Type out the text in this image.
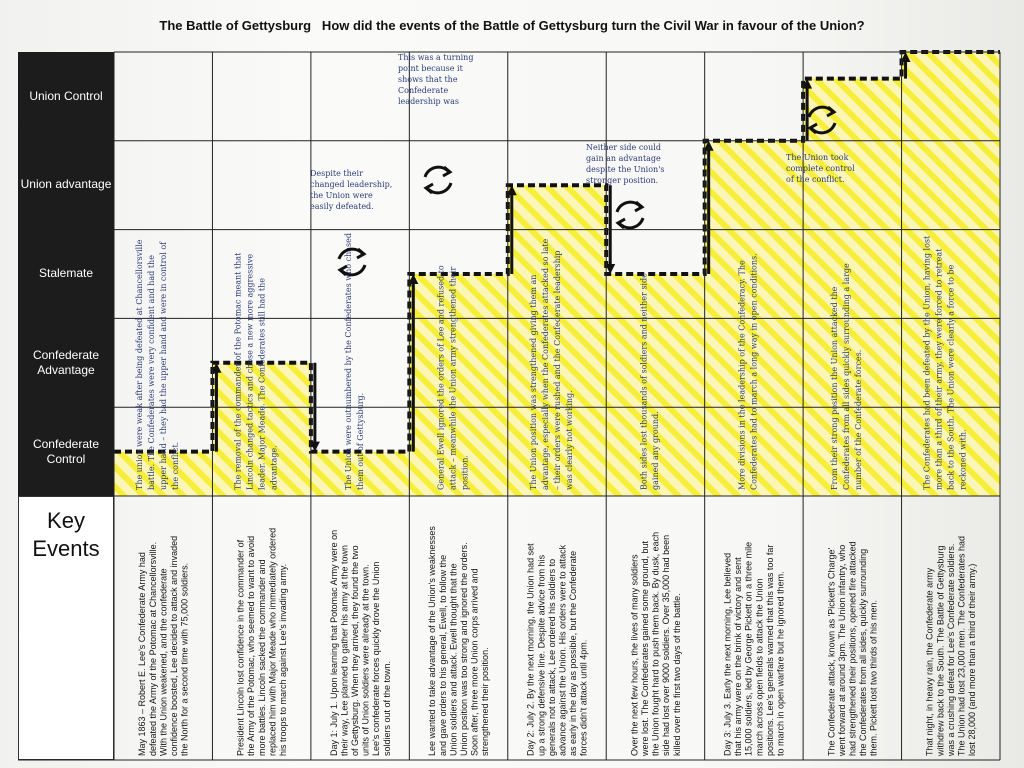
The Battle of Gettysburg   How did the events of the Battle of Gettysburg turn the Civil War in favour of the Union?
Union Control
Union advantage
Stalemate
Confederate Advantage
Confederate Control
Key Events
May 1863 – Robert E. Lee's Confederate Army had defeated the Army of the Potomac at Chancellorsville. With the Union weakened, and the confederate confidence boosted, Lee decided to attack and invaded the North for a second time with 75,000 soldiers.
The union were weak after being defeated at Chancellorsville battle. The Confederates were very confident and had the upper hand – they had the upper hand and were in control of the conflict.
President Lincoln lost confidence in the commander of the Army of the Potomac, who seemed to want to avoid more battles. Lincoln sacked the commander and replaced him with Major Meade who immediately ordered his troops to march against Lee's invading army.
The removal of the commander of the Potomac meant that Lincoln changed tactics and chose a new more aggressive leader. Major Meade. The Confederates still had the advantage.
Day 1: July 1. Upon learning that Potomac Army were on their way, Lee planned to gather his army at the town of Gettysburg. When they arrived, they found the two units of Union soldiers were already at the town. Lee's confederate forces quickly drove the Union soldiers out of the town.
The Union were outnumbered by the Confederates who chased them out of Gettysburg.
Lee wanted to take advantage of the Union's weaknesses and gave orders to his general, Ewell, to follow the Union soldiers and attack. Ewell thought that the Union position was too strong and ignored the orders. Soon after, three more Union corps arrived and strengthened their position.
General Ewell ignored the orders of Lee and refused to attack – meanwhile the Union army strengthened their position.
Day 2: July 2. By the next morning, the Union had set up a strong defensive line. Despite advice from his generals not to attack, Lee ordered his soldiers to advance against the Union. His orders were to attack as early in the day as possible, but the Confederate forces didn't attack until 4pm.
The Union position was strengthened giving them an advantage, especially when the Confederates attacked so late – their orders were rushed and the Confederate leadership was clearly not working.
Over the next few hours, the lives of many soldiers were lost. The Confederates gained some ground, but the Union fought hard to push them back. By dusk, each side had lost over 9000 soldiers. Over 35,000 had been killed over the first two days of the battle.
Both sides lost thousands of soldiers and neither side gained any ground.
Day 3: July 3. Early the next morning, Lee believed that his army were on the brink of victory and sent 15,000 soldiers, led by George Pickett on a three mile march across open fields to attack the Union positions. Lee's generals warned that this was too far to march in open warfare but he ignored them.
More divisions in the leadership of the Confederacy. The Confederates had to march a long way in open conditions.
The Confederate attack, known as 'Pickett's Charge' went forward at around 3pm. The Union infantry, who had strengthened their positions, opened fire attacked the Confederates from all sides, quickly surrounding them. Pickett lost two thirds of his men.
From their strong position the Union attacked the Confederates from all sides quickly surrounding a large number of the Confederate forces.
That night, in heavy rain, the Confederate army withdrew back to the South. The Battle of Gettysburg was a crushing defeat for Lee's Confederate soldiers. The Union had lost 23,000 men. The Confederates had lost 28,000 (and more than a third of their army.)
The Confederates had been defeated by the Union, having lost more than a third of their army, they were forced to retreat back to the South. The Union were clearly a force to be reckoned with.
This was a turning
point because it
shows that the
Confederate
leadership was
Despite their
changed leadership,
the Union were
easily defeated.
Neither side could
gain an advantage
despite the Union's
stronger position.
The Union took
complete control
of the conflict.
